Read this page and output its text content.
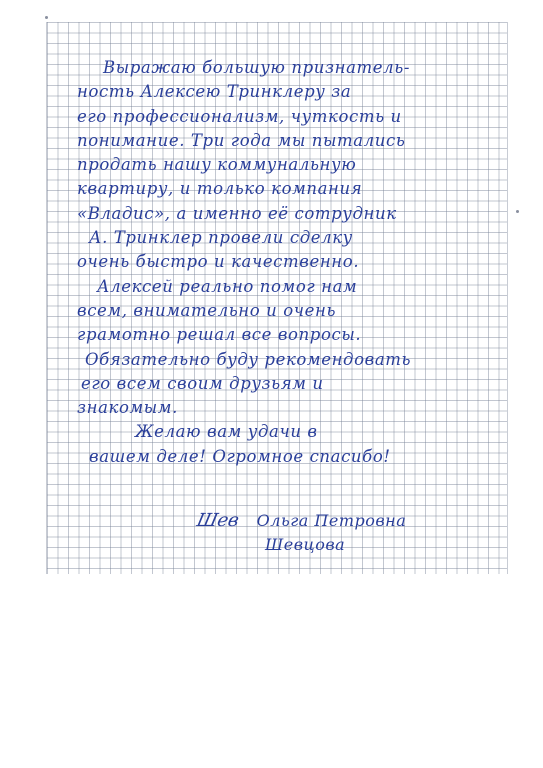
Выражаю большую признатель-
ность Алексею Тринклеру за
его профессионализм, чуткость и
понимание. Три года мы пытались
продать нашу коммунальную
квартиру, и только компания
«Владис», а именно её сотрудник
А. Тринклер провели сделку
очень быстро и качественно.
Алексей реально помог нам
всем, внимательно и очень
грамотно решал все вопросы.
Обязательно буду рекомендовать
его всем своим друзьям и
знакомым.
Желаю вам удачи в
вашем деле! Огромное спасибо!
Шев Ольга Петровна
Шевцова
